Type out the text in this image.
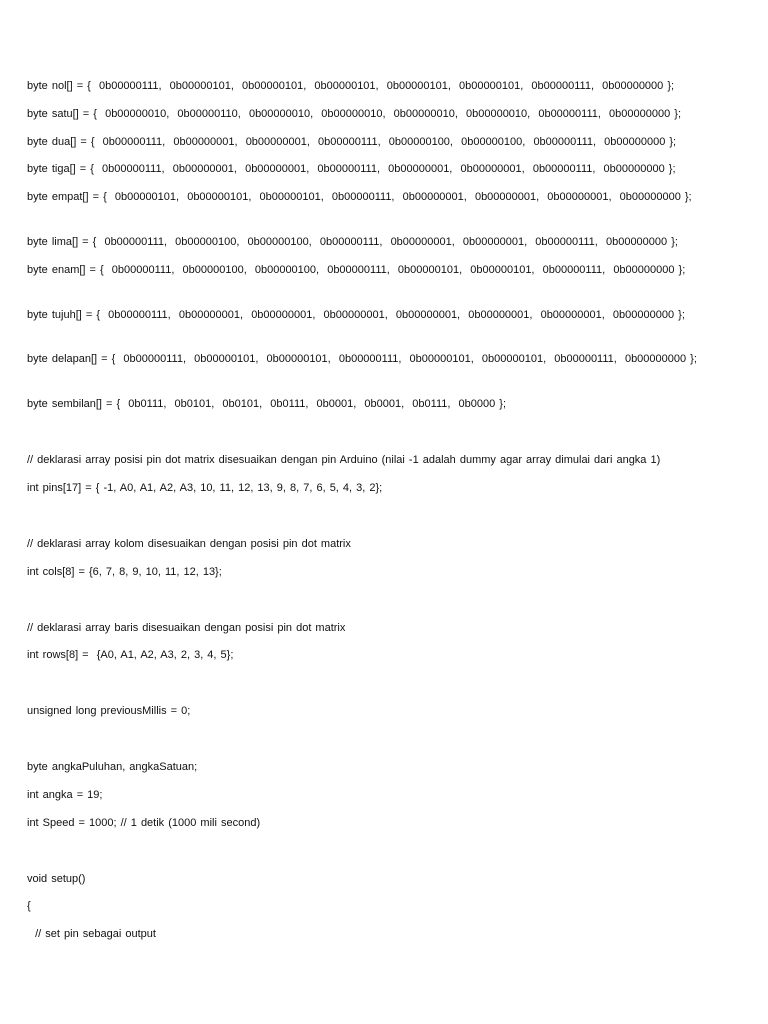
byte nol[] = {  0b00000111,  0b00000101,  0b00000101,  0b00000101,  0b00000101,  0b00000101,  0b00000111,  0b00000000 };
byte satu[] = {  0b00000010,  0b00000110,  0b00000010,  0b00000010,  0b00000010,  0b00000010,  0b00000111,  0b00000000 };
byte dua[] = {  0b00000111,  0b00000001,  0b00000001,  0b00000111,  0b00000100,  0b00000100,  0b00000111,  0b00000000 };
byte tiga[] = {  0b00000111,  0b00000001,  0b00000001,  0b00000111,  0b00000001,  0b00000001,  0b00000111,  0b00000000 };
byte empat[] = {  0b00000101,  0b00000101,  0b00000101,  0b00000111,  0b00000001,  0b00000001,  0b00000001,  0b00000000 };
byte lima[] = {  0b00000111,  0b00000100,  0b00000100,  0b00000111,  0b00000001,  0b00000001,  0b00000111,  0b00000000 };
byte enam[] = {  0b00000111,  0b00000100,  0b00000100,  0b00000111,  0b00000101,  0b00000101,  0b00000111,  0b00000000 };
byte tujuh[] = {  0b00000111,  0b00000001,  0b00000001,  0b00000001,  0b00000001,  0b00000001,  0b00000001,  0b00000000 };
byte delapan[] = {  0b00000111,  0b00000101,  0b00000101,  0b00000111,  0b00000101,  0b00000101,  0b00000111,  0b00000000 };
byte sembilan[] = {  0b0111,  0b0101,  0b0101,  0b0111,  0b0001,  0b0001,  0b0111,  0b0000 };
// deklarasi array posisi pin dot matrix disesuaikan dengan pin Arduino (nilai -1 adalah dummy agar array dimulai dari angka 1)
int pins[17] = { -1, A0, A1, A2, A3, 10, 11, 12, 13, 9, 8, 7, 6, 5, 4, 3, 2};
// deklarasi array kolom disesuaikan dengan posisi pin dot matrix
int cols[8] = {6, 7, 8, 9, 10, 11, 12, 13};
// deklarasi array baris disesuaikan dengan posisi pin dot matrix
int rows[8] =  {A0, A1, A2, A3, 2, 3, 4, 5};
unsigned long previousMillis = 0;
byte angkaPuluhan, angkaSatuan;
int angka = 19;
int Speed = 1000; // 1 detik (1000 mili second)
void setup()
{
// set pin sebagai output
